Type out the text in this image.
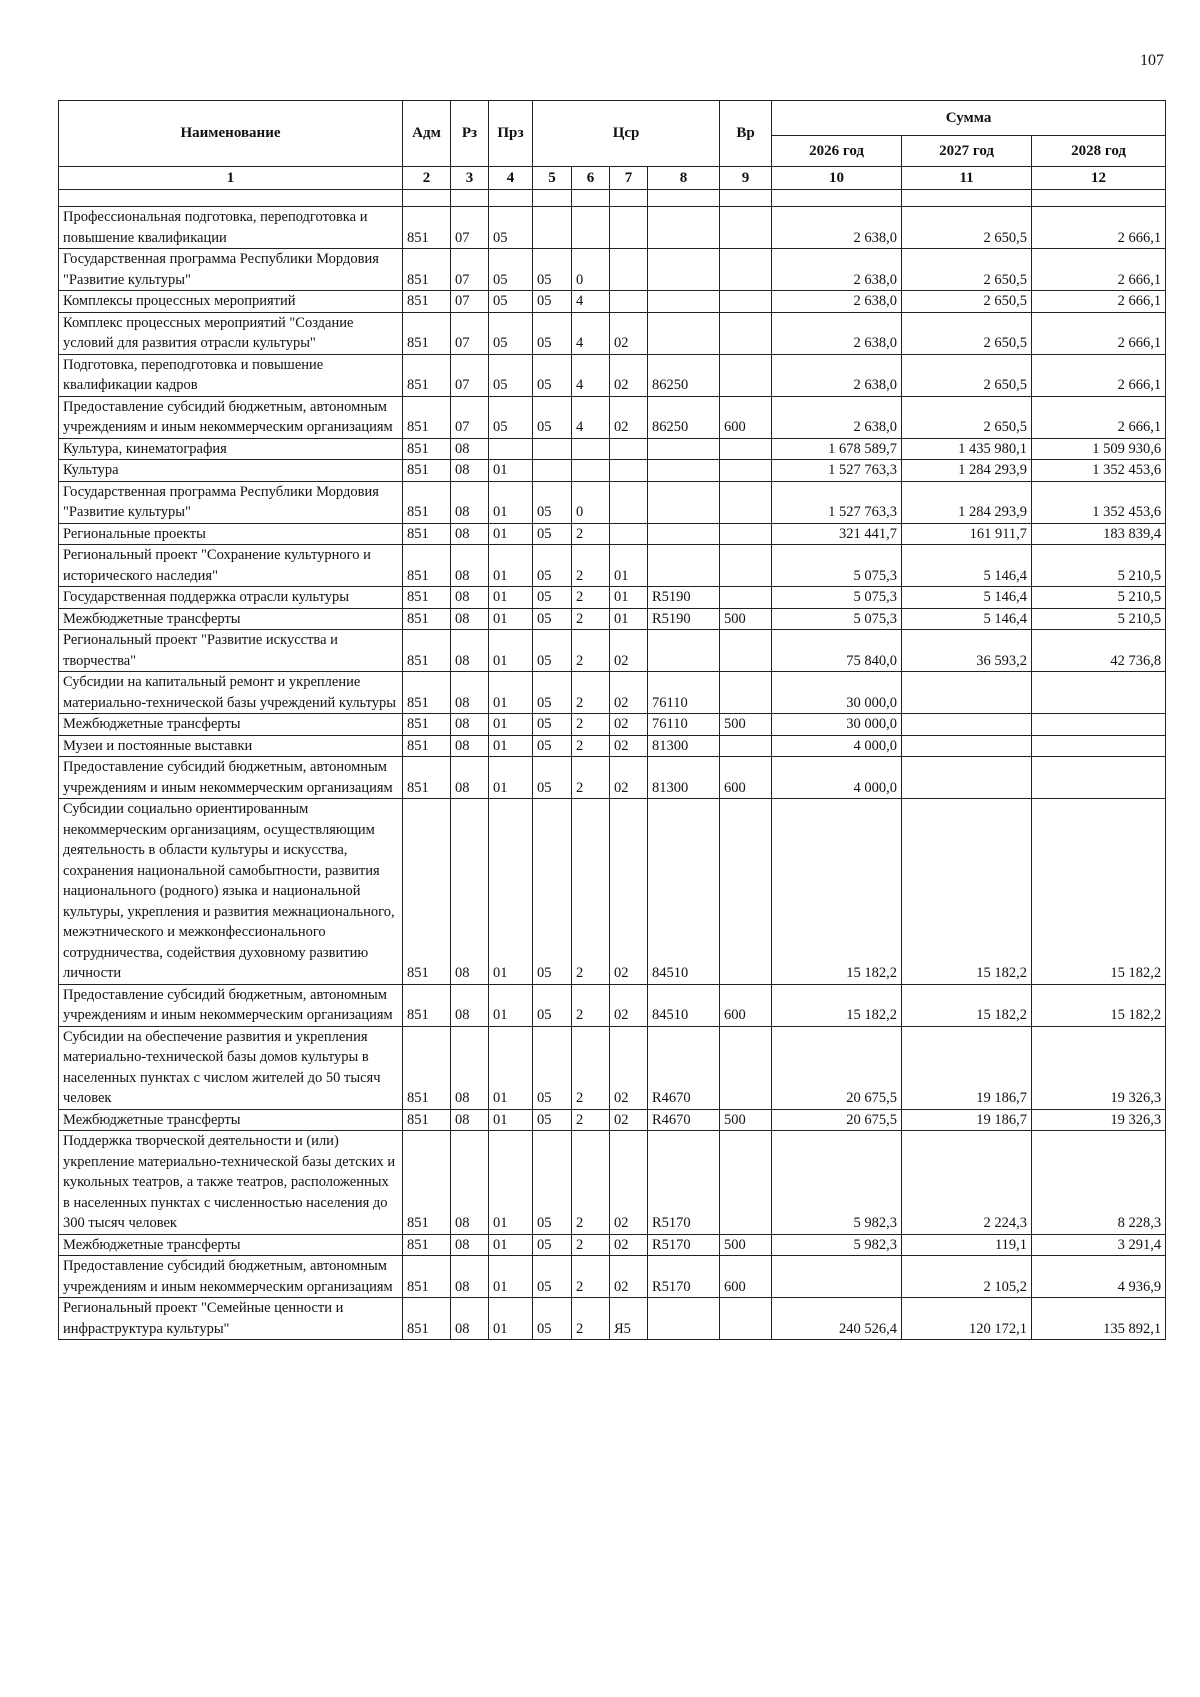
107
Наименование	Адм	Рз	Прз	Цср				Вр	Сумма		
									2026 год	2027 год	2028 год
1	2	3	4	5	6	7	8	9	10	11	12

Профессиональная подготовка, переподготовка и повышение квалификации	851	07	05						2 638,0	2 650,5	2 666,1
Государственная программа Республики Мордовия "Развитие культуры"	851	07	05	05	0				2 638,0	2 650,5	2 666,1
Комплексы процессных мероприятий	851	07	05	05	4				2 638,0	2 650,5	2 666,1
Комплекс процессных мероприятий "Создание условий для развития отрасли культуры"	851	07	05	05	4	02			2 638,0	2 650,5	2 666,1
Подготовка, переподготовка и повышение квалификации кадров	851	07	05	05	4	02	86250		2 638,0	2 650,5	2 666,1
Предоставление субсидий бюджетным, автономным учреждениям и иным некоммерческим организациям	851	07	05	05	4	02	86250	600	2 638,0	2 650,5	2 666,1
Культура, кинематография	851	08							1 678 589,7	1 435 980,1	1 509 930,6
Культура	851	08	01						1 527 763,3	1 284 293,9	1 352 453,6
Государственная программа Республики Мордовия "Развитие культуры"	851	08	01	05	0				1 527 763,3	1 284 293,9	1 352 453,6
Региональные проекты	851	08	01	05	2				321 441,7	161 911,7	183 839,4
Региональный проект "Сохранение культурного и исторического наследия"	851	08	01	05	2	01			5 075,3	5 146,4	5 210,5
Государственная поддержка отрасли культуры	851	08	01	05	2	01	R5190		5 075,3	5 146,4	5 210,5
Межбюджетные трансферты	851	08	01	05	2	01	R5190	500	5 075,3	5 146,4	5 210,5
Региональный проект "Развитие искусства и творчества"	851	08	01	05	2	02			75 840,0	36 593,2	42 736,8
Субсидии на капитальный ремонт и укрепление материально-технической базы учреждений культуры	851	08	01	05	2	02	76110		30 000,0		
Межбюджетные трансферты	851	08	01	05	2	02	76110	500	30 000,0		
Музеи и постоянные выставки	851	08	01	05	2	02	81300		4 000,0		
Предоставление субсидий бюджетным, автономным учреждениям и иным некоммерческим организациям	851	08	01	05	2	02	81300	600	4 000,0		
Субсидии социально ориентированным некоммерческим организациям, осуществляющим деятельность в области культуры и искусства, сохранения национальной самобытности, развития национального (родного) языка и национальной культуры, укрепления и развития межнационального, межэтнического и межконфессионального сотрудничества, содействия духовному развитию личности	851	08	01	05	2	02	84510		15 182,2	15 182,2	15 182,2
Предоставление субсидий бюджетным, автономным учреждениям и иным некоммерческим организациям	851	08	01	05	2	02	84510	600	15 182,2	15 182,2	15 182,2
Субсидии на обеспечение развития и укрепления материально-технической базы домов культуры в населенных пунктах с числом жителей до 50 тысяч человек	851	08	01	05	2	02	R4670		20 675,5	19 186,7	19 326,3
Межбюджетные трансферты	851	08	01	05	2	02	R4670	500	20 675,5	19 186,7	19 326,3
Поддержка творческой деятельности и (или) укрепление материально-технической базы детских и кукольных театров, а также театров, расположенных в населенных пунктах с численностью населения до 300 тысяч человек	851	08	01	05	2	02	R5170		5 982,3	2 224,3	8 228,3
Межбюджетные трансферты	851	08	01	05	2	02	R5170	500	5 982,3	119,1	3 291,4
Предоставление субсидий бюджетным, автономным учреждениям и иным некоммерческим организациям	851	08	01	05	2	02	R5170	600		2 105,2	4 936,9
Региональный проект "Семейные ценности и инфраструктура культуры"	851	08	01	05	2	Я5			240 526,4	120 172,1	135 892,1
